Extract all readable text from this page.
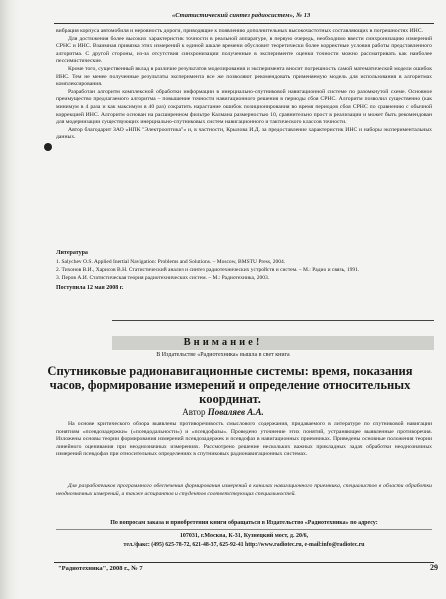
«Статистический синтез радиосистем», № 13

вибрация корпуса автомобиля и неровность дороги, приводящие к появлению дополнительных высокочастотных составляющих в погрешностях ИНС.

Для достижения более высоких характеристик точности в реальной аппаратуре, в первую очередь, необходимо ввести синхронизацию измерений СРНС и ИНС. Взаимная привязка этих измерений к единой шкале времени обусловит теоретически более корректные условия работы представленного алгоритма. С другой стороны, из-за отсутствия синхронизации полученные в эксперименте оценки точности можно рассматривать как наиболее пессимистические.

Кроме того, существенный вклад в различие результатов моделирования и эксперимента вносит погрешность самой математической модели ошибок ИНС. Тем не менее полученные результаты эксперимента все же позволяют рекомендовать применяемую модель для использования в алгоритмах комплексирования.

Разработан алгоритм комплексной обработки информации в инерциально-спутниковой навигационной системе по разомкнутой схеме. Основное преимущество предлагаемого алгоритма – повышение точности навигационного решения в периоды сбоя СРНС. Алгоритм позволил существенно (как минимум в 4 раза и как максимум в 40 раз) сократить нарастание ошибок позиционирования во время периодов сбоя СРНС по сравнению с обычной коррекцией ИНС. Алгоритм основан на расширенном фильтре Калмана размерностью 10, сравнительно прост в реализации и может быть рекомендован для модернизации существующих инерциально-спутниковых систем навигационного и тактического классов точности.

Автор благодарит ЗАО «НПК "Электрооптика"» и, в частности, Крылова И.Д. за предоставление характеристик ИНС и наборы экспериментальных данных.

Литература
1. Salychev O.S. Applied Inertial Navigation: Problems and Solutions. – Moscow, BMSTU Press, 2004.
2. Тихонов В.И., Харисов В.Н. Статистический анализ и синтез радиотехнических устройств и систем. – М.: Радио и связь, 1991.
3. Перов А.И. Статистическая теория радиотехнических систем. – М.: Радиотехника, 2003.
Поступила 12 мая 2008 г.
Внимание!
В Издательстве «Радиотехника» вышла в свет книга
Спутниковые радионавигационные системы: время, показания часов, формирование измерений и определение относительных координат.
Автор Поваляев А.А.

На основе критического обзора выявлены противоречивость смыслового содержания, придаваемого в литературе по спутниковой навигации понятиям «псевдозадержки» («псевдодальности») и «псевдофазы». Проведено уточнение этих понятий, устраняющее выявленные противоречия. Изложены основы теории формирования измерений псевдозадержек и псевдофаз в навигационных приемниках. Приведены основные положения теории линейного оценивания при неоднозначных измерениях. Рассмотрено решение нескольких важных прикладных задач обработки неоднозначных измерений псевдофаз при относительных определениях в спутниковых радионавигационных системах.

Для разработчиков программного обеспечения формирования измерений в каналах навигационного приемника, специалистов в области обработки неоднозначных измерений, а также аспирантов и студентов соответствующих специальностей.

По вопросам заказа и приобретения книги обращаться в Издательство «Радиотехника» по адресу:
107031, г.Москва, К-31, Кузнецкий мост, д. 20/6,
тел./факс: (495) 625-78-72, 621-48-37, 625-92-41 http://www.radiotec.ru, e-mail:info@radiotec.ru
"Радиотехника", 2008 г., № 7	29
